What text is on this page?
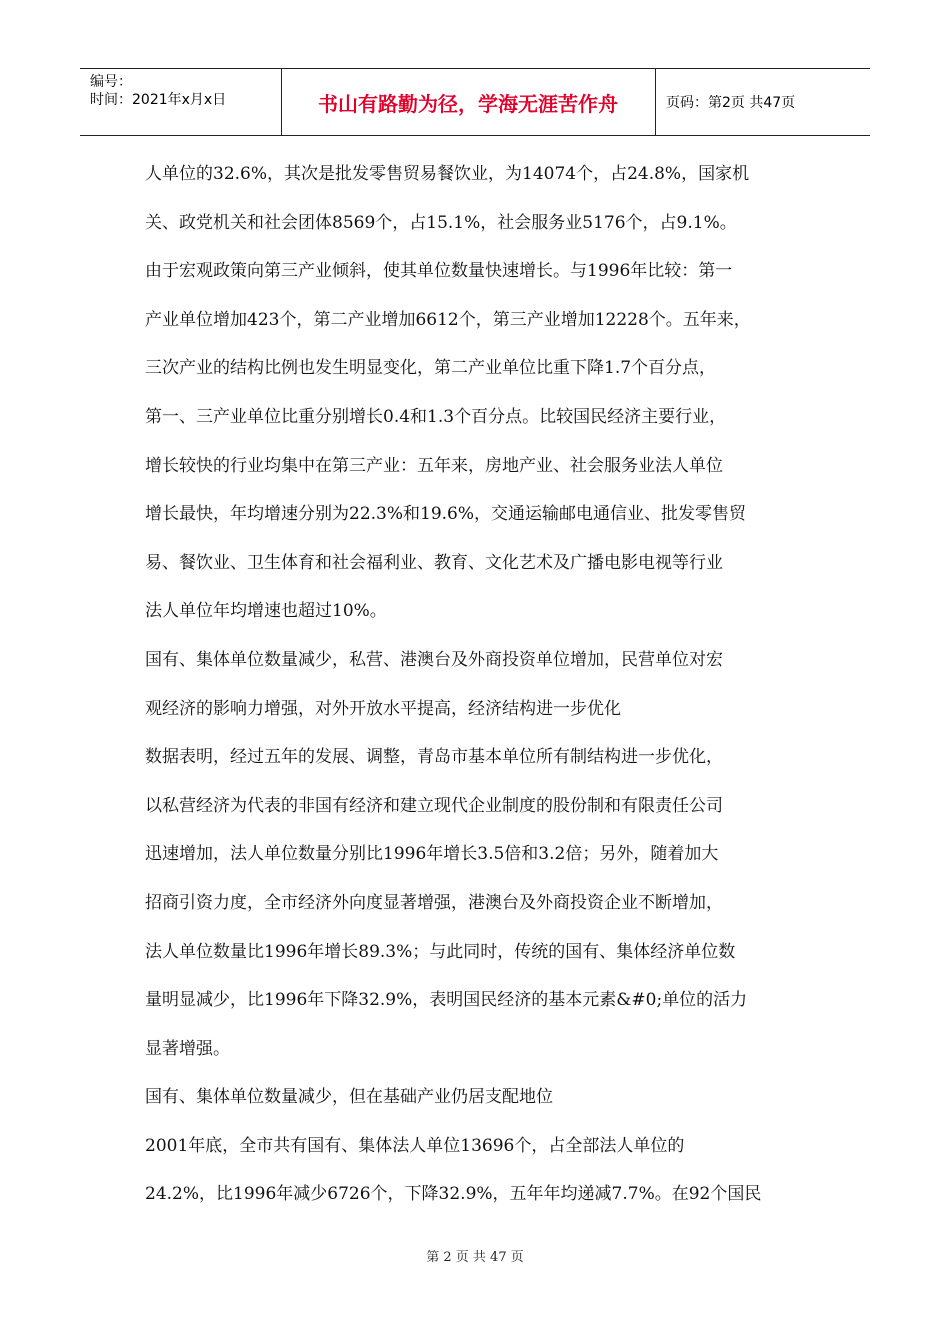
编号：
时间：2021年x月x日	书山有路勤为径，学海无涯苦作舟	页码：第2页 共47页
人单位的32.6%，其次是批发零售贸易餐饮业，为14074个，占24.8%，国家机
关、政党机关和社会团体8569个，占15.1%，社会服务业5176个，占9.1%。
由于宏观政策向第三产业倾斜，使其单位数量快速增长。与1996年比较：第一
产业单位增加423个，第二产业增加6612个，第三产业增加12228个。五年来，
三次产业的结构比例也发生明显变化，第二产业单位比重下降1.7个百分点，
第一、三产业单位比重分别增长0.4和1.3个百分点。比较国民经济主要行业，
增长较快的行业均集中在第三产业：五年来，房地产业、社会服务业法人单位
增长最快，年均增速分别为22.3%和19.6%，交通运输邮电通信业、批发零售贸
易、餐饮业、卫生体育和社会福利业、教育、文化艺术及广播电影电视等行业
法人单位年均增速也超过10%。
国有、集体单位数量减少，私营、港澳台及外商投资单位增加，民营单位对宏
观经济的影响力增强，对外开放水平提高，经济结构进一步优化
数据表明，经过五年的发展、调整，青岛市基本单位所有制结构进一步优化，
以私营经济为代表的非国有经济和建立现代企业制度的股份制和有限责任公司
迅速增加，法人单位数量分别比1996年增长3.5倍和3.2倍；另外，随着加大
招商引资力度，全市经济外向度显著增强，港澳台及外商投资企业不断增加，
法人单位数量比1996年增长89.3%；与此同时，传统的国有、集体经济单位数
量明显减少，比1996年下降32.9%，表明国民经济的基本元素&#0;单位的活力
显著增强。
国有、集体单位数量减少，但在基础产业仍居支配地位
2001年底，全市共有国有、集体法人单位13696个，占全部法人单位的
24.2%，比1996年减少6726个，下降32.9%，五年年均递减7.7%。在92个国民
第 2 页 共 47 页
